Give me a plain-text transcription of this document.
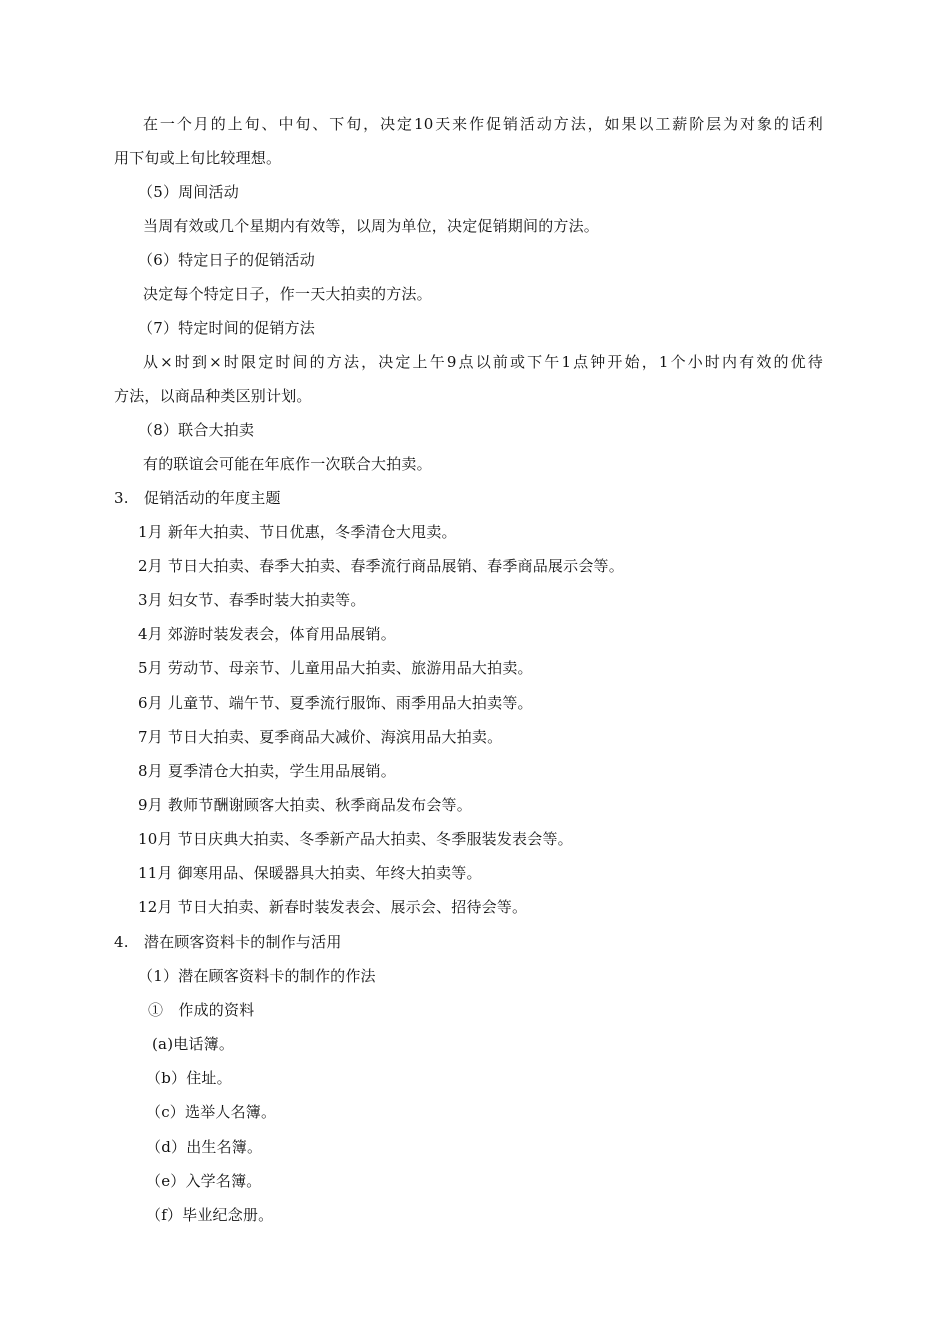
在一个月的上旬、中旬、下旬，决定10天来作促销活动方法，如果以工薪阶层为对象的话利
用下旬或上旬比较理想。
（5）周间活动
当周有效或几个星期内有效等，以周为单位，决定促销期间的方法。
（6）特定日子的促销活动
决定每个特定日子，作一天大拍卖的方法。
（7）特定时间的促销方法
从×时到×时限定时间的方法，决定上午9点以前或下午1点钟开始，1个小时内有效的优待
方法，以商品种类区别计划。
（8）联合大拍卖
有的联谊会可能在年底作一次联合大拍卖。
3.　促销活动的年度主题
1月 新年大拍卖、节日优惠，冬季清仓大甩卖。
2月 节日大拍卖、春季大拍卖、春季流行商品展销、春季商品展示会等。
3月 妇女节、春季时装大拍卖等。
4月 郊游时装发表会，体育用品展销。
5月 劳动节、母亲节、儿童用品大拍卖、旅游用品大拍卖。
6月 儿童节、端午节、夏季流行服饰、雨季用品大拍卖等。
7月 节日大拍卖、夏季商品大减价、海滨用品大拍卖。
8月 夏季清仓大拍卖，学生用品展销。
9月 教师节酬谢顾客大拍卖、秋季商品发布会等。
10月 节日庆典大拍卖、冬季新产品大拍卖、冬季服装发表会等。
11月 御寒用品、保暖器具大拍卖、年终大拍卖等。
12月 节日大拍卖、新春时装发表会、展示会、招待会等。
4.　潜在顾客资料卡的制作与活用
（1）潜在顾客资料卡的制作的作法
①　作成的资料
(a)电话簿。
（b）住址。
（c）选举人名簿。
（d）出生名簿。
（e）入学名簿。
（f）毕业纪念册。
